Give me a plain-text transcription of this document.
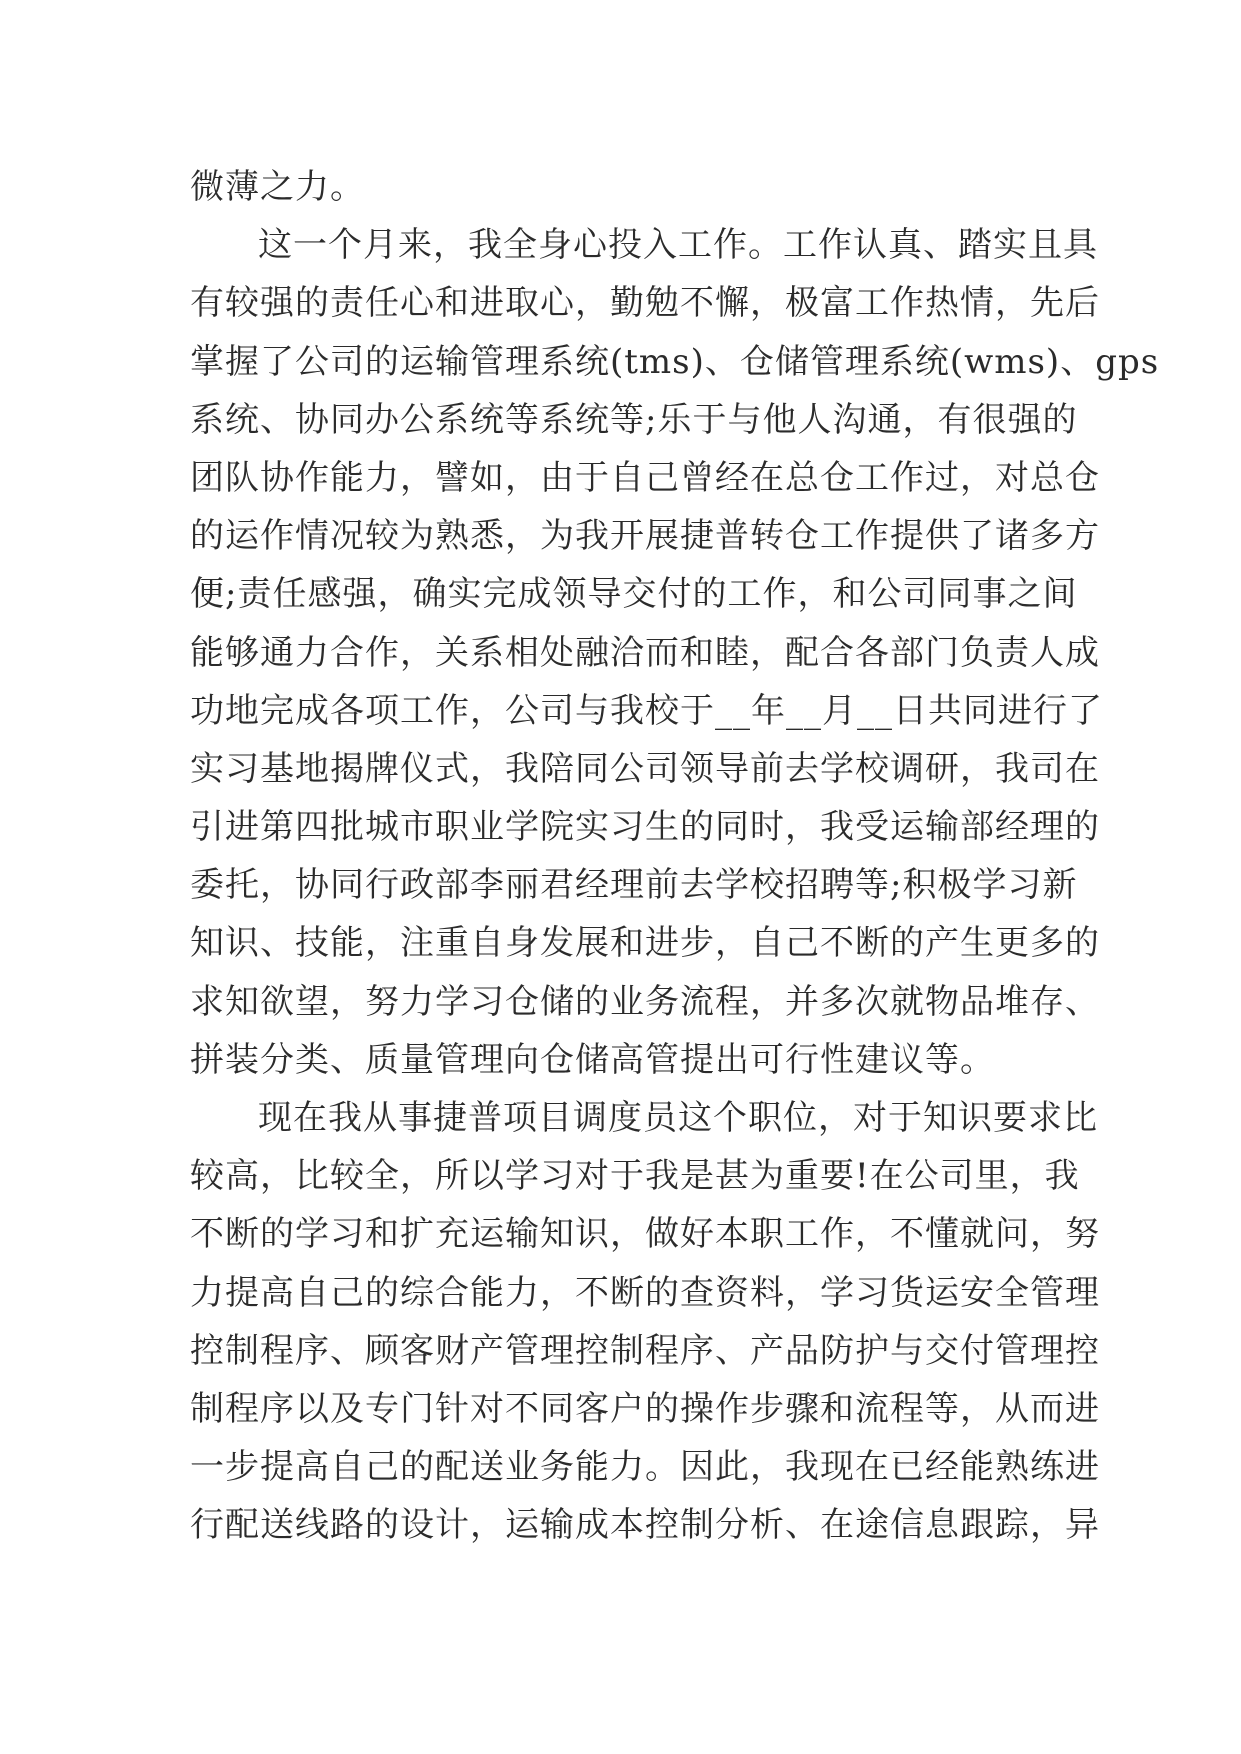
微薄之力。
这一个月来，我全身心投入工作。工作认真、踏实且具
有较强的责任心和进取心，勤勉不懈，极富工作热情，先后
掌握了公司的运输管理系统(tms)、仓储管理系统(wms)、gps
系统、协同办公系统等系统等;乐于与他人沟通，有很强的
团队协作能力，譬如，由于自己曾经在总仓工作过，对总仓
的运作情况较为熟悉，为我开展捷普转仓工作提供了诸多方
便;责任感强，确实完成领导交付的工作，和公司同事之间
能够通力合作，关系相处融洽而和睦，配合各部门负责人成
功地完成各项工作，公司与我校于__年__月__日共同进行了
实习基地揭牌仪式，我陪同公司领导前去学校调研，我司在
引进第四批城市职业学院实习生的同时，我受运输部经理的
委托，协同行政部李丽君经理前去学校招聘等;积极学习新
知识、技能，注重自身发展和进步，自己不断的产生更多的
求知欲望，努力学习仓储的业务流程，并多次就物品堆存、
拼装分类、质量管理向仓储高管提出可行性建议等。
现在我从事捷普项目调度员这个职位，对于知识要求比
较高，比较全，所以学习对于我是甚为重要!在公司里，我
不断的学习和扩充运输知识，做好本职工作，不懂就问，努
力提高自己的综合能力，不断的查资料，学习货运安全管理
控制程序、顾客财产管理控制程序、产品防护与交付管理控
制程序以及专门针对不同客户的操作步骤和流程等，从而进
一步提高自己的配送业务能力。因此，我现在已经能熟练进
行配送线路的设计，运输成本控制分析、在途信息跟踪，异
